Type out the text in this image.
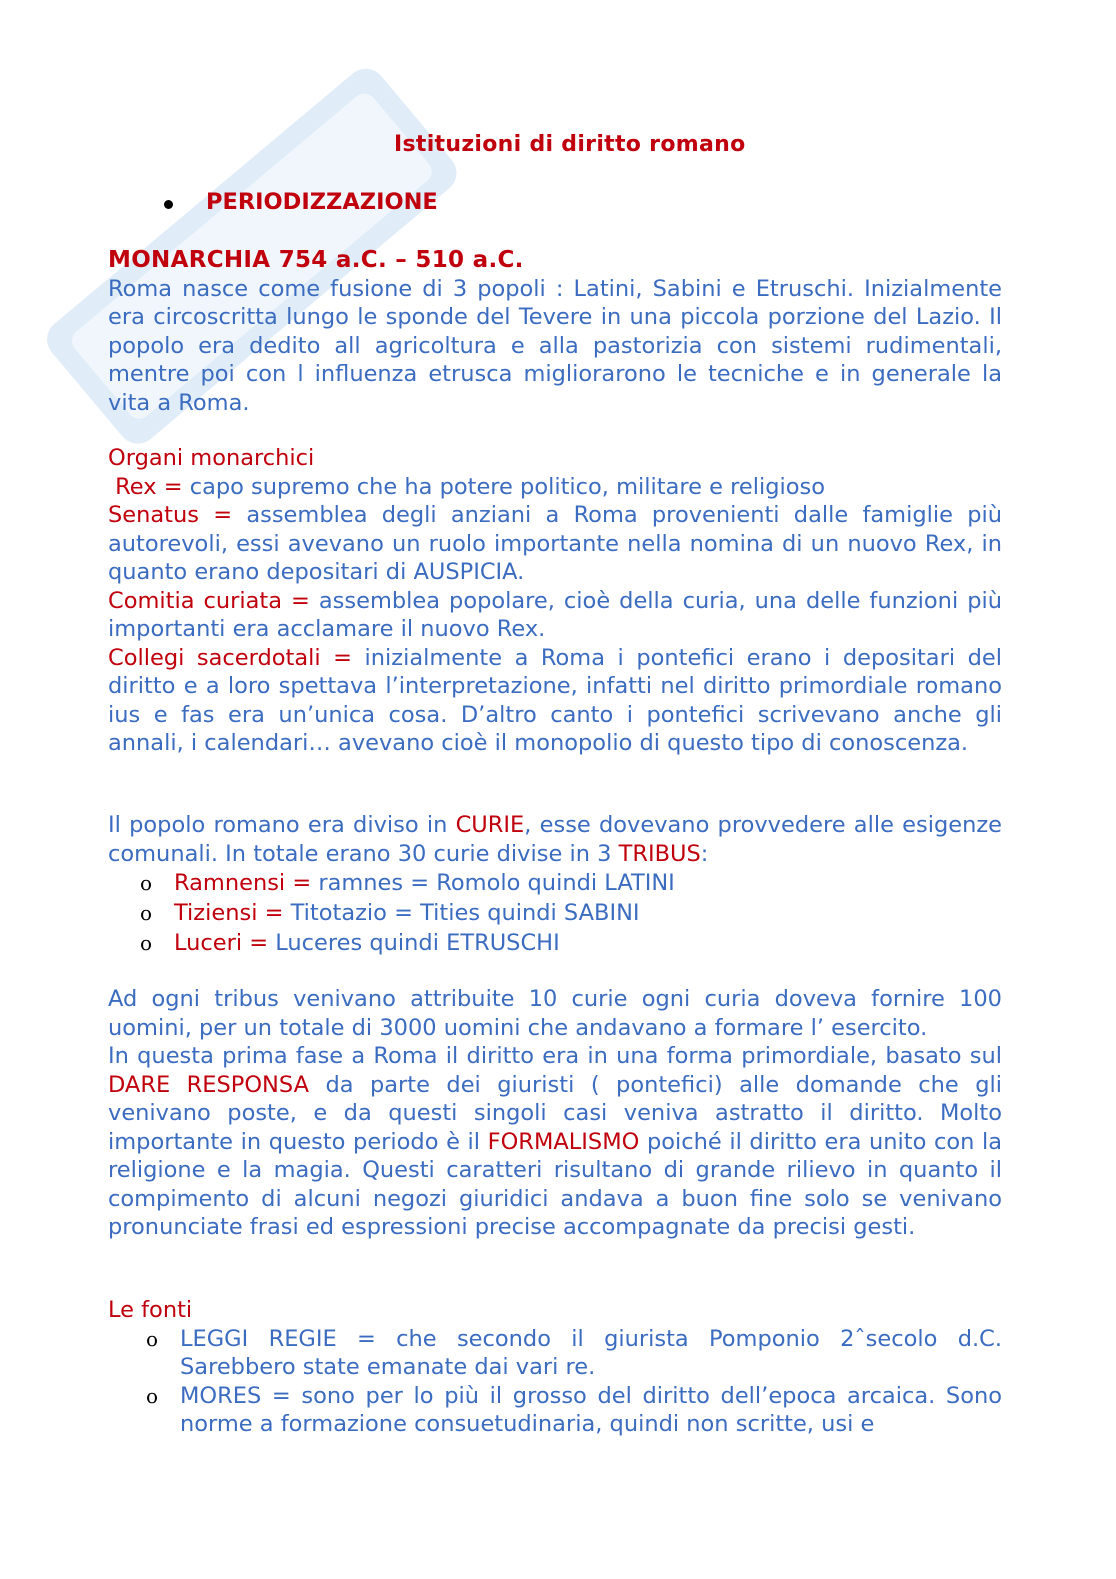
Istituzioni di diritto romano
PERIODIZZAZIONE
MONARCHIA 754 a.C. – 510 a.C.
Roma nasce come fusione di 3 popoli : Latini, Sabini e Etruschi. Inizialmente era circoscritta lungo le sponde del Tevere in una piccola porzione del Lazio. Il popolo era dedito all agricoltura e alla pastorizia con sistemi rudimentali, mentre poi con l influenza etrusca migliorarono le tecniche e in generale la vita a Roma.
Organi monarchici
Rex = capo supremo che ha potere politico, militare e religioso
Senatus = assemblea degli anziani a Roma provenienti dalle famiglie più autorevoli, essi avevano un ruolo importante nella nomina di un nuovo Rex, in quanto erano depositari di AUSPICIA.
Comitia curiata = assemblea popolare, cioè della curia, una delle funzioni più importanti era acclamare il nuovo Rex.
Collegi sacerdotali = inizialmente a Roma i pontefici erano i depositari del diritto e a loro spettava l’interpretazione, infatti nel diritto primordiale romano ius e fas era un’unica cosa. D’altro canto i pontefici scrivevano anche gli annali, i calendari… avevano cioè il monopolio di questo tipo di conoscenza.
Il popolo romano era diviso in CURIE, esse dovevano provvedere alle esigenze comunali. In totale erano 30 curie divise in 3 TRIBUS:
o Ramnensi = ramnes = Romolo quindi LATINI
o Tiziensi = Titotazio = Tities quindi SABINI
o Luceri = Luceres quindi ETRUSCHI
Ad ogni tribus venivano attribuite 10 curie ogni curia doveva fornire 100 uomini, per un totale di 3000 uomini che andavano a formare l’ esercito.
In questa prima fase a Roma il diritto era in una forma primordiale, basato sul DARE RESPONSA da parte dei giuristi ( pontefici) alle domande che gli venivano poste, e da questi singoli casi veniva astratto il diritto. Molto importante in questo periodo è il FORMALISMO poiché il diritto era unito con la religione e la magia. Questi caratteri risultano di grande rilievo in quanto il compimento di alcuni negozi giuridici andava a buon fine solo se venivano pronunciate frasi ed espressioni precise accompagnate da precisi gesti.
Le fonti
o LEGGI REGIE = che secondo il giurista Pomponio 2ˆsecolo d.C. Sarebbero state emanate dai vari re.
o MORES = sono per lo più il grosso del diritto dell’epoca arcaica. Sono norme a formazione consuetudinaria, quindi non scritte, usi e
